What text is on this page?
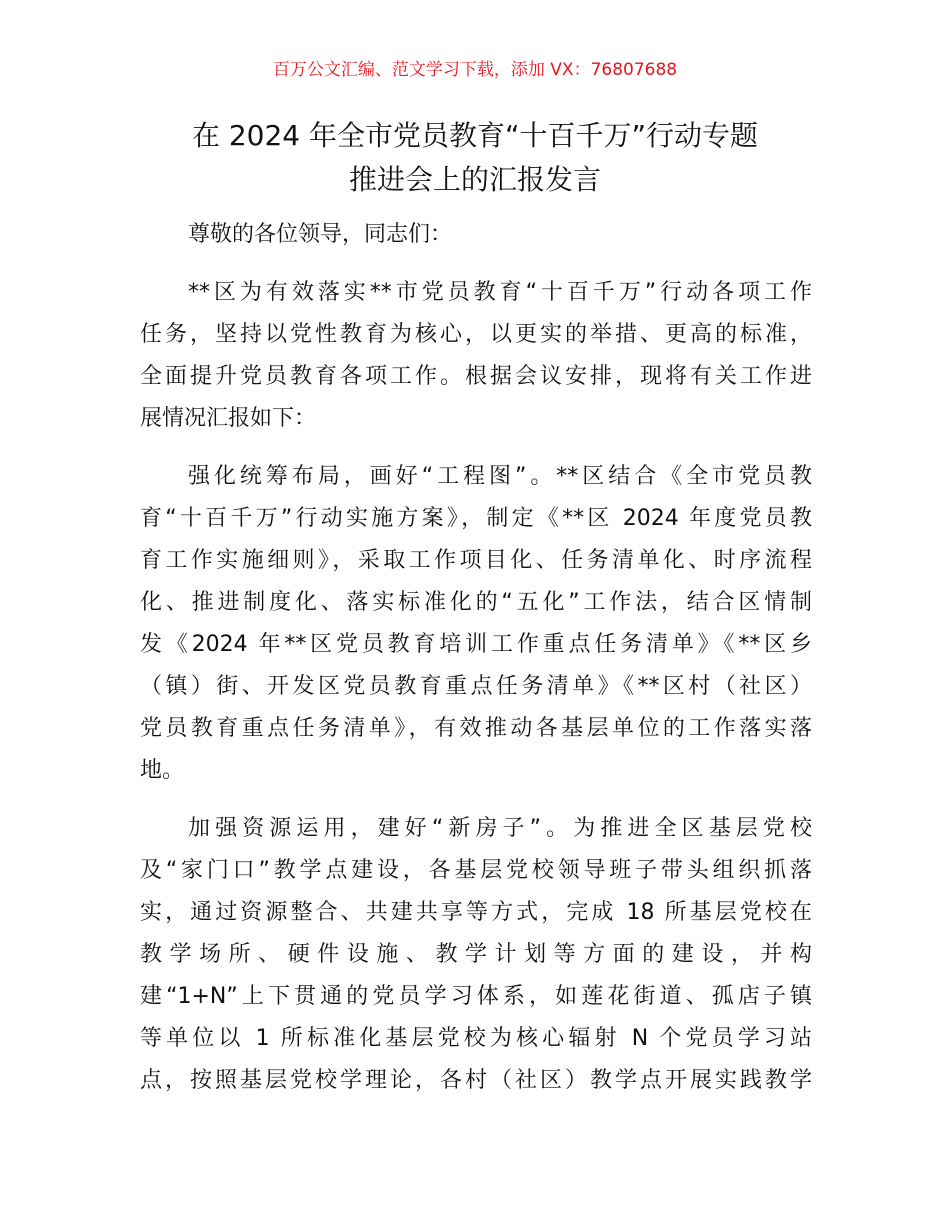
百万公文汇编、范文学习下载，添加 VX：76807688
在 2024 年全市党员教育“十百千万”行动专题
推进会上的汇报发言
尊敬的各位领导，同志们：
**区为有效落实**市党员教育“十百千万”行动各项工作
任务，坚持以党性教育为核心，以更实的举措、更高的标准，
全面提升党员教育各项工作。根据会议安排，现将有关工作进
展情况汇报如下：
强化统筹布局，画好“工程图”。**区结合《全市党员教
育“十百千万”行动实施方案》，制定《**区 2024 年度党员教
育工作实施细则》，采取工作项目化、任务清单化、时序流程
化、推进制度化、落实标准化的“五化”工作法，结合区情制
发《2024 年**区党员教育培训工作重点任务清单》《**区乡
（镇）街、开发区党员教育重点任务清单》《**区村（社区）
党员教育重点任务清单》，有效推动各基层单位的工作落实落
地。
加强资源运用，建好“新房子”。为推进全区基层党校
及“家门口”教学点建设，各基层党校领导班子带头组织抓落
实，通过资源整合、共建共享等方式，完成 18 所基层党校在
教学场所、硬件设施、教学计划等方面的建设，并构
建“1+N”上下贯通的党员学习体系，如莲花街道、孤店子镇
等单位以 1 所标准化基层党校为核心辐射 N 个党员学习站
点，按照基层党校学理论，各村（社区）教学点开展实践教学
